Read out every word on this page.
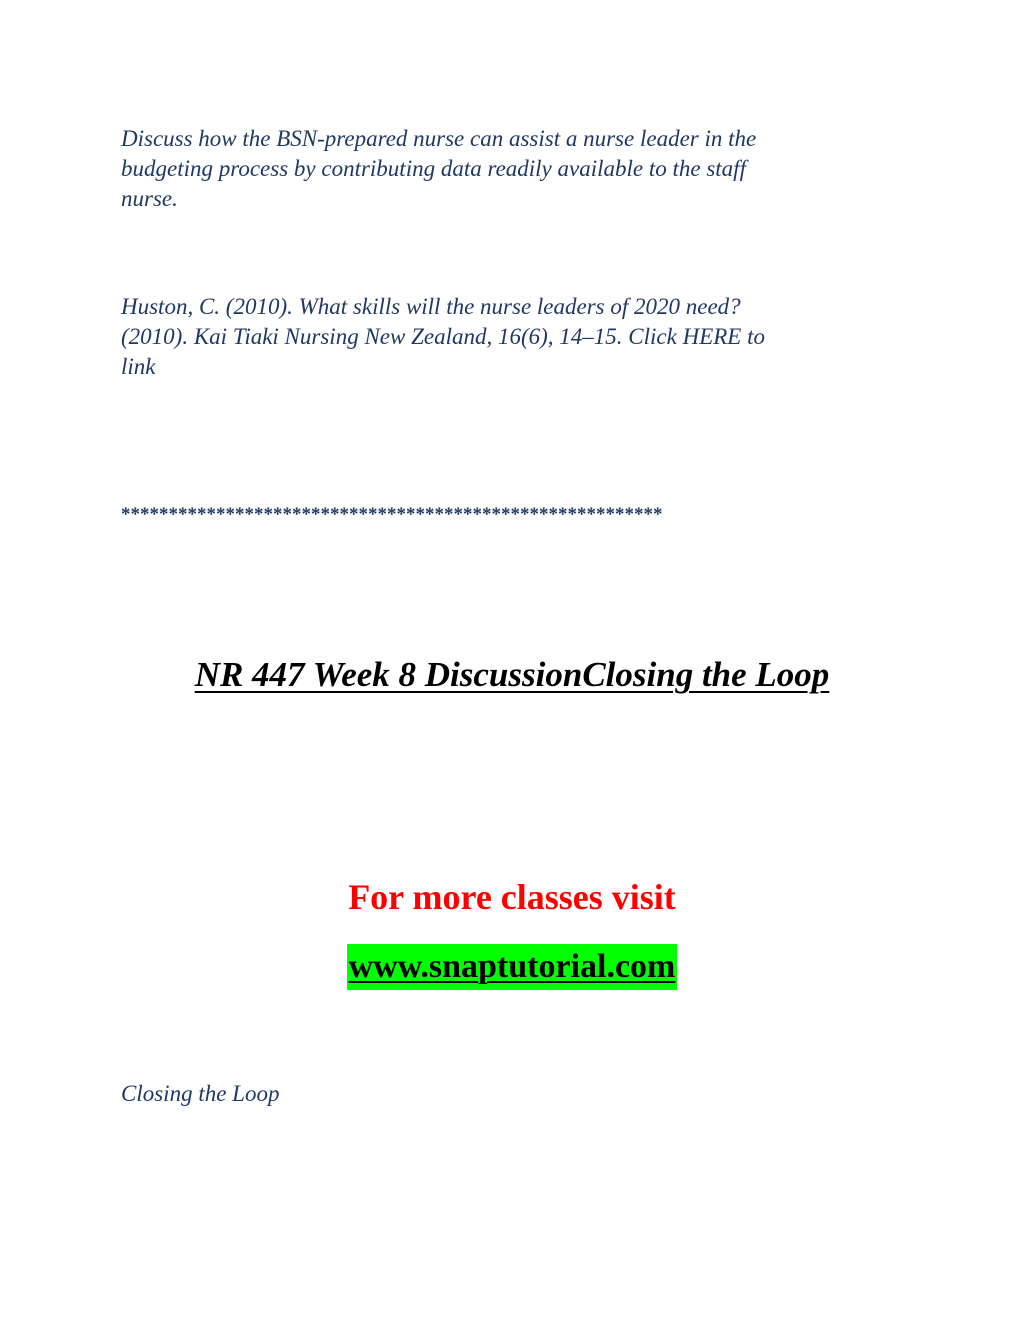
Discuss how the BSN-prepared nurse can assist a nurse leader in the
budgeting process by contributing data readily available to the staff
nurse.

Huston, C. (2010). What skills will the nurse leaders of 2020 need?
(2010). Kai Tiaki Nursing New Zealand, 16(6), 14–15. Click HERE to
link

*********************************************************
NR 447 Week 8 DiscussionClosing the Loop
For more classes visit
www.snaptutorial.com
Closing the Loop
